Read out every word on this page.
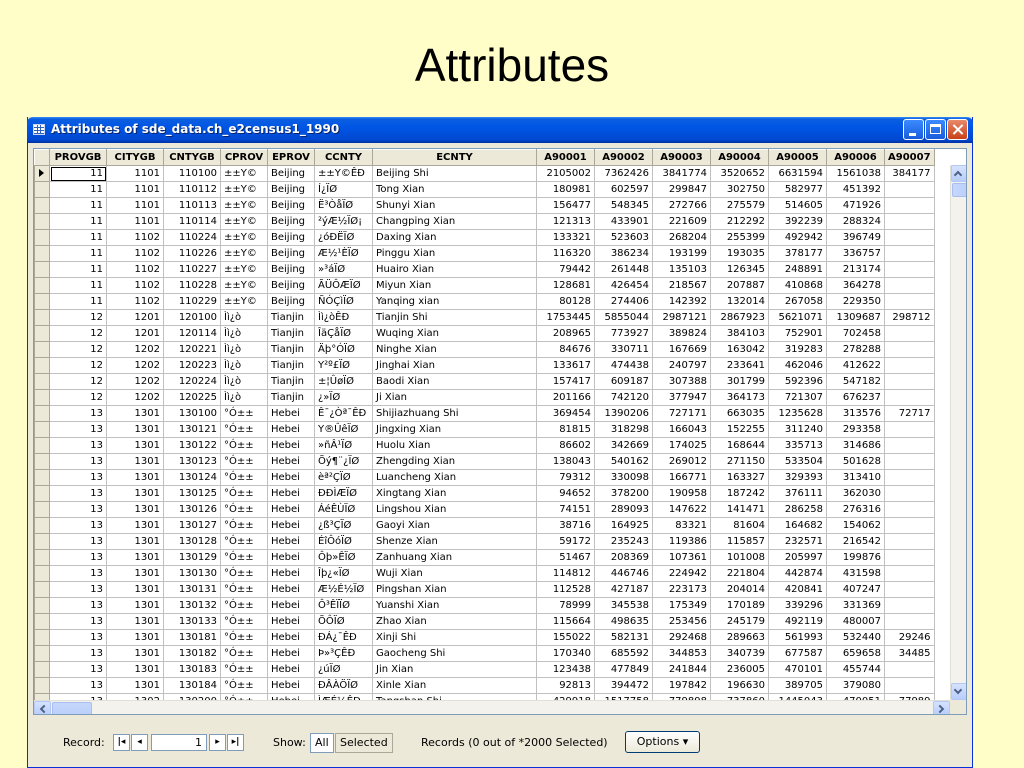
Attributes
Attributes of sde_data.ch_e2census1_1990
	PROVGB	CITYGB	CNTYGB	CPROV	EPROV	CCNTY	ECNTY	A90001	A90002	A90003	A90004	A90005	A90006	A90007

	11	1101	110100	±±Y©	Beijing	±±Y©ÊÐ	Beijing Shi	2105002	7362426	3841774	3520652	6631594	1561038	384177
	11	1101	110112	±±Y©	Beijing	Í¿ÏØ	Tong Xian	180981	602597	299847	302750	582977	451392	
	11	1101	110113	±±Y©	Beijing	Ë³ÒåÏØ	Shunyi Xian	156477	548345	272766	275579	514605	471926	
	11	1101	110114	±±Y©	Beijing	²ýÆ½ÏØ¡	Changping Xian	121313	433901	221609	212292	392239	288324	
	11	1102	110224	±±Y©	Beijing	¿óÐËÏØ	Daxing Xian	133321	523603	268204	255399	492942	396749	
	11	1102	110226	±±Y©	Beijing	Æ½¹ÈÏØ	Pinggu Xian	116320	386234	193199	193035	378177	336757	
	11	1102	110227	±±Y©	Beijing	»³áÏØ	Huairo Xian	79442	261448	135103	126345	248891	213174	
	11	1102	110228	±±Y©	Beijing	ÃÜÔÆÏØ	Miyun Xian	128681	426454	218567	207887	410868	364278	
	11	1102	110229	±±Y©	Beijing	ÑÓÇìÏØ	Yanqing xian	80128	274406	142392	132014	267058	229350	
	12	1201	120100	Ìì¿ò	Tianjin	Ìì¿òÊÐ	Tianjin Shi	1753445	5855044	2987121	2867923	5621071	1309687	298712
	12	1201	120114	Ìì¿ò	Tianjin	ÎäÇåÏØ	Wuqing Xian	208965	773927	389824	384103	752901	702458	
	12	1202	120221	Ìì¿ò	Tianjin	Äþ°ÓÏØ	Ninghe Xian	84676	330711	167669	163042	319283	278288	
	12	1202	120223	Ìì¿ò	Tianjin	Y²º£ÏØ	Jinghai Xian	133617	474438	240797	233641	462046	412622	
	12	1202	120224	Ìì¿ò	Tianjin	±¦ÛøÏØ	Baodi Xian	157417	609187	307388	301799	592396	547182	
	12	1202	120225	Ìì¿ò	Tianjin	¿»ÏØ	Ji Xian	201166	742120	377947	364173	721307	676237	
	13	1301	130100	°Ó±±	Hebei	Ê¯¿Òª¯ÊÐ	Shijiazhuang Shi	369454	1390206	727171	663035	1235628	313576	72717
	13	1301	130121	°Ó±±	Hebei	Y®ÛêÏØ	Jingxing Xian	81815	318298	166043	152255	311240	293358	
	13	1301	130122	°Ó±±	Hebei	»ñÂ¹ÏØ	Huolu Xian	86602	342669	174025	168644	335713	314686	
	13	1301	130123	°Ó±±	Hebei	Õý¶¨¿ÏØ	Zhengding Xian	138043	540162	269012	271150	533504	501628	
	13	1301	130124	°Ó±±	Hebei	èª²ÇÏØ	Luancheng Xian	79312	330098	166771	163327	329393	313410	
	13	1301	130125	°Ó±±	Hebei	ÐÐÌÆÏØ	Xingtang Xian	94652	378200	190958	187242	376111	362030	
	13	1301	130126	°Ó±±	Hebei	ÁéÊÙÏØ	Lingshou Xian	74151	289093	147622	141471	286258	276316	
	13	1301	130127	°Ó±±	Hebei	¿ß³ÇÏØ	Gaoyi Xian	38716	164925	83321	81604	164682	154062	
	13	1301	130128	°Ó±±	Hebei	ÉîÔóÏØ	Shenze Xian	59172	235243	119386	115857	232571	216542	
	13	1301	130129	°Ó±±	Hebei	Ôþ»ÊÏØ	Zanhuang Xian	51467	208369	107361	101008	205997	199876	
	13	1301	130130	°Ó±±	Hebei	Îþ¿«ÏØ	Wuji Xian	114812	446746	224942	221804	442874	431598	
	13	1301	130131	°Ó±±	Hebei	Æ½É½ÏØ	Pingshan Xian	112528	427187	223173	204014	420841	407247	
	13	1301	130132	°Ó±±	Hebei	Ô³ÊÏÏØ	Yuanshi Xian	78999	345538	175349	170189	339296	331369	
	13	1301	130133	°Ó±±	Hebei	ÕÔÏØ	Zhao Xian	115664	498635	253456	245179	492119	480007	
	13	1301	130181	°Ó±±	Hebei	ÐÁ¿¯ÊÐ	Xinji Shi	155022	582131	292468	289663	561993	532440	29246
	13	1301	130182	°Ó±±	Hebei	Þ»³ÇÊÐ	Gaocheng Shi	170340	685592	344853	340739	677587	659658	34485
	13	1301	130183	°Ó±±	Hebei	¿úÏØ	Jin Xian	123438	477849	241844	236005	470101	455744	
	13	1301	130184	°Ó±±	Hebei	ÐÂÀÖÏØ	Xinle Xian	92813	394472	197842	196630	389705	379080	

Record:	|◂	◂	1	▸	▸|	Show: All	Selected	Records (0 out of *2000 Selected)	Options ▾
